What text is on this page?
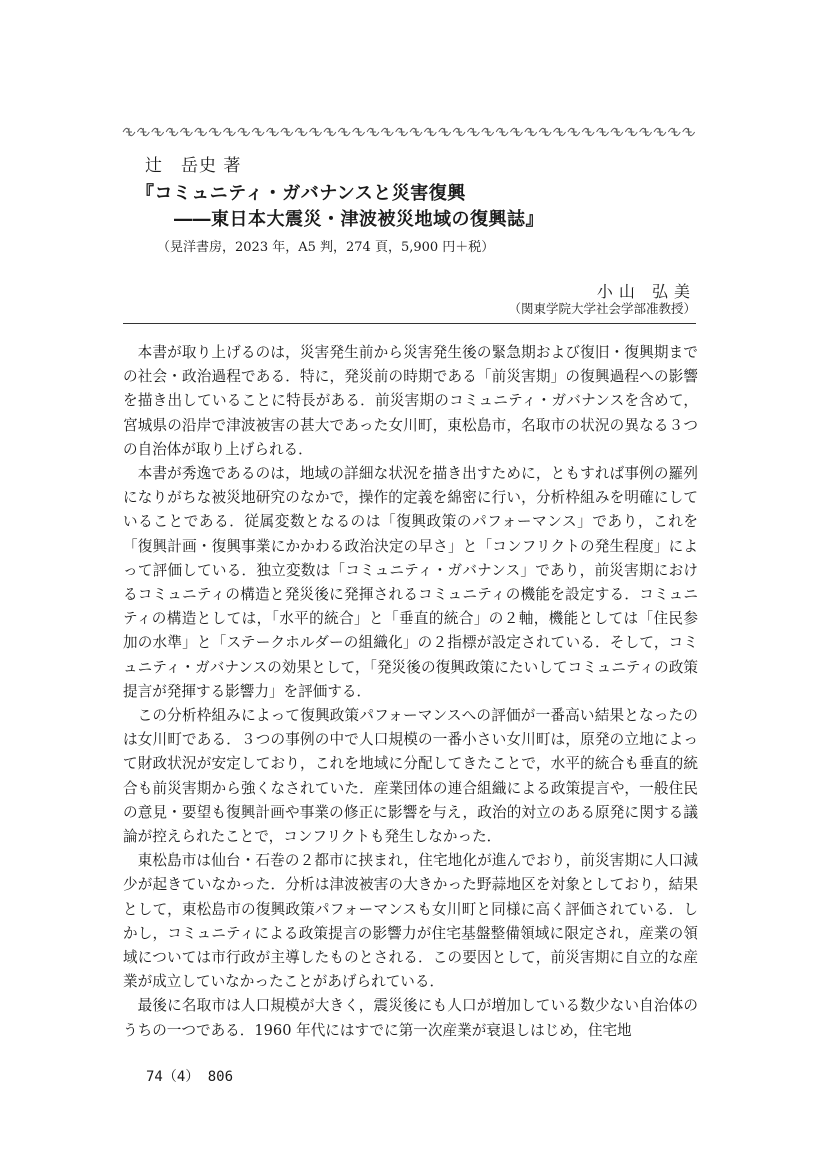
辻　岳史 著
『コミュニティ・ガバナンスと災害復興
――東日本大震災・津波被災地域の復興誌』
（晃洋書房，2023 年，A5 判，274 頁，5,900 円＋税）
小山 弘美
（関東学院大学社会学部准教授）

本書が取り上げるのは，災害発生前から災害発生後の緊急期および復旧・復興期までの社会・政治過程である．特に，発災前の時期である「前災害期」の復興過程への影響を描き出していることに特長がある．前災害期のコミュニティ・ガバナンスを含めて，宮城県の沿岸で津波被害の甚大であった女川町，東松島市，名取市の状況の異なる３つの自治体が取り上げられる．

本書が秀逸であるのは，地域の詳細な状況を描き出すために，ともすれば事例の羅列になりがちな被災地研究のなかで，操作的定義を綿密に行い，分析枠組みを明確にしていることである．従属変数となるのは「復興政策のパフォーマンス」であり，これを「復興計画・復興事業にかかわる政治決定の早さ」と「コンフリクトの発生程度」によって評価している．独立変数は「コミュニティ・ガバナンス」であり，前災害期におけるコミュニティの構造と発災後に発揮されるコミュニティの機能を設定する．コミュニティの構造としては，「水平的統合」と「垂直的統合」の２軸，機能としては「住民参加の水準」と「ステークホルダーの組織化」の２指標が設定されている．そして，コミュニティ・ガバナンスの効果として，「発災後の復興政策にたいしてコミュニティの政策提言が発揮する影響力」を評価する．

この分析枠組みによって復興政策パフォーマンスへの評価が一番高い結果となったのは女川町である．３つの事例の中で人口規模の一番小さい女川町は，原発の立地によって財政状況が安定しており，これを地域に分配してきたことで，水平的統合も垂直的統合も前災害期から強くなされていた．産業団体の連合組織による政策提言や，一般住民の意見・要望も復興計画や事業の修正に影響を与え，政治的対立のある原発に関する議論が控えられたことで，コンフリクトも発生しなかった．

東松島市は仙台・石巻の２都市に挟まれ，住宅地化が進んでおり，前災害期に人口減少が起きていなかった．分析は津波被害の大きかった野蒜地区を対象としており，結果として，東松島市の復興政策パフォーマンスも女川町と同様に高く評価されている．しかし，コミュニティによる政策提言の影響力が住宅基盤整備領域に限定され，産業の領域については市行政が主導したものとされる．この要因として，前災害期に自立的な産業が成立していなかったことがあげられている．

最後に名取市は人口規模が大きく，震災後にも人口が増加している数少ない自治体のうちの一つである．1960 年代にはすでに第一次産業が衰退しはじめ，住宅地

74（4） 806
